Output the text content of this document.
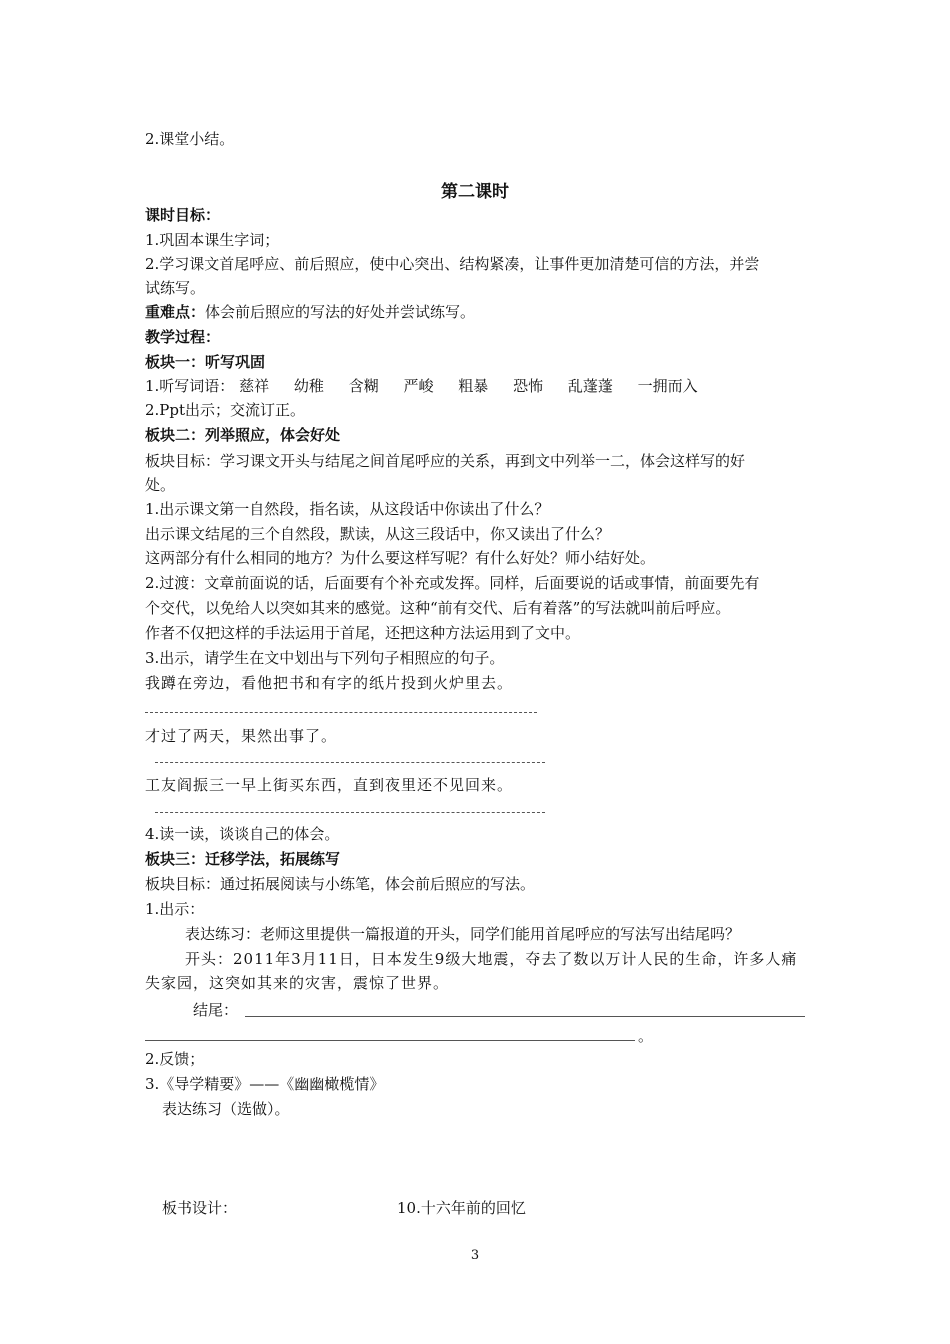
2.课堂小结。
第二课时
课时目标：
1.巩固本课生字词；
2.学习课文首尾呼应、前后照应，使中心突出、结构紧凑，让事件更加清楚可信的方法，并尝
试练写。
重难点：体会前后照应的写法的好处并尝试练写。
教学过程：
板块一：听写巩固
1.听写词语： 慈祥 幼稚 含糊 严峻 粗暴 恐怖 乱蓬蓬 一拥而入
2.Ppt出示；交流订正。
板块二：列举照应，体会好处
板块目标：学习课文开头与结尾之间首尾呼应的关系，再到文中列举一二，体会这样写的好
处。
1.出示课文第一自然段，指名读，从这段话中你读出了什么？
出示课文结尾的三个自然段，默读，从这三段话中，你又读出了什么？
这两部分有什么相同的地方？为什么要这样写呢？有什么好处？师小结好处。
2.过渡：文章前面说的话，后面要有个补充或发挥。同样，后面要说的话或事情，前面要先有
个交代，以免给人以突如其来的感觉。这种“前有交代、后有着落”的写法就叫前后呼应。
作者不仅把这样的手法运用于首尾，还把这种方法运用到了文中。
3.出示，请学生在文中划出与下列句子相照应的句子。
我蹲在旁边，看他把书和有字的纸片投到火炉里去。
才过了两天，果然出事了。
工友阎振三一早上街买东西，直到夜里还不见回来。
4.读一读，谈谈自己的体会。
板块三：迁移学法，拓展练写
板块目标：通过拓展阅读与小练笔，体会前后照应的写法。
1.出示：
表达练习：老师这里提供一篇报道的开头，同学们能用首尾呼应的写法写出结尾吗？
开头：2011年3月11日，日本发生9级大地震，夺去了数以万计人民的生命，许多人痛
失家园，这突如其来的灾害，震惊了世界。
结尾：
。
2.反馈；
3.《导学精要》——《幽幽橄榄情》
表达练习（选做）。
板书设计：	10.十六年前的回忆
3
